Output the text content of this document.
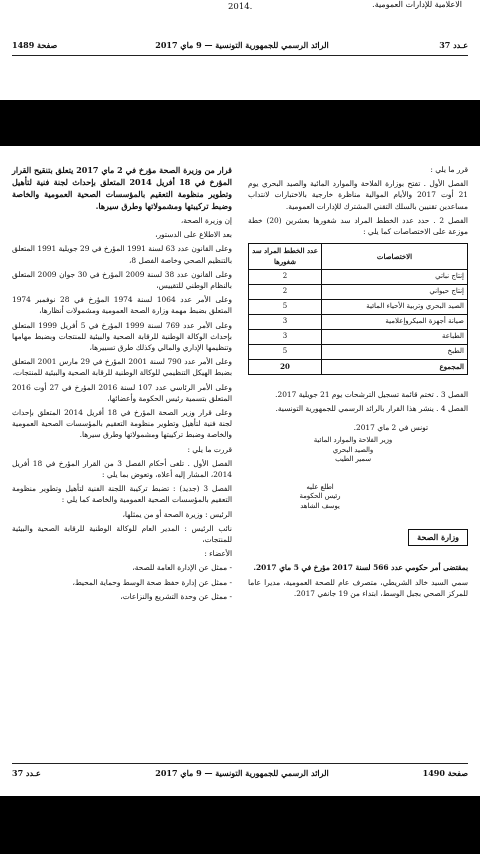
الاعلامية للإدارات العمومية.
2014.
عـدد 37
الرائد الرسمي للجمهورية التونسية — 9 ماي 2017
صفحة 1489

قرر ما يلي :

الفصل الأول . تفتح بوزارة الفلاحة والموارد المائية والصيد البحري يوم 21 أوت 2017 والأيام الموالية مناظرة خارجية بالاختبارات لانتداب مساعدين تقنيين بالسلك التقني المشترك للإدارات العمومية.

الفصل 2 . حدد عدد الخطط المراد سد شغورها بعشرين (20) خطة موزعة على الاختصاصات كما يلي :

الاختصاصات	عدد الخطط المراد سد شغورها
إنتاج نباتي	2
إنتاج حيواني	2
الصيد البحري وتربية الأحياء المائية	5
صيانة أجهزة الميكروإعلامية	3
الطباعة	3
الطبخ	5
المجموع	20

الفصل 3 . تختم قائمة تسجيل الترشحات يوم 21 جويلية 2017.

الفصل 4 . ينشر هذا القرار بالرائد الرسمي للجمهورية التونسية.

تونس في 2 ماي 2017.

وزير الفلاحة والموارد المائية
والصيد البحري
سمير الطيب
اطلع عليه
رئيس الحكومة
يوسف الشاهد
وزارة الصحة

بمقتضى أمر حكومي عدد 566 لسنة 2017 مؤرخ في 5 ماي 2017.

سمي السيد خالد الشريطي، متصرف عام للصحة العمومية، مديرا عاما للمركز الصحي بجبل الوسط، ابتداء من 19 جانفي 2017.

قرار من وزيرة الصحة مؤرخ في 2 ماي 2017 يتعلق بتنقيح القرار المؤرخ في 18 أفريل 2014 المتعلق بإحداث لجنة فنية لتأهيل وتطوير منظومة التعقيم بالمؤسسات الصحية العمومية والخاصة وضبط تركيبتها ومشمولاتها وطرق سيرها.

إن وزيرة الصحة،

بعد الاطلاع على الدستور،

وعلى القانون عدد 63 لسنة 1991 المؤرخ في 29 جويلية 1991 المتعلق بالتنظيم الصحي وخاصة الفصل 8،

وعلى القانون عدد 38 لسنة 2009 المؤرخ في 30 جوان 2009 المتعلق بالنظام الوطني للتقييس،

وعلى الأمر عدد 1064 لسنة 1974 المؤرخ في 28 نوفمبر 1974 المتعلق بضبط مهمة وزارة الصحة العمومية ومشمولات أنظارها،

وعلى الأمر عدد 769 لسنة 1999 المؤرخ في 5 أفريل 1999 المتعلق بإحداث الوكالة الوطنية للرقابة الصحية والبيئية للمنتجات وبضبط مهامها وتنظيمها الإداري والمالي وكذلك طرق تسييرها،

وعلى الأمر عدد 790 لسنة 2001 المؤرخ في 29 مارس 2001 المتعلق بضبط الهيكل التنظيمي للوكالة الوطنية للرقابة الصحية والبيئية للمنتجات،

وعلى الأمر الرئاسي عدد 107 لسنة 2016 المؤرخ في 27 أوت 2016 المتعلق بتسمية رئيس الحكومة وأعضائها،

وعلى قرار وزير الصحة المؤرخ في 18 أفريل 2014 المتعلق بإحداث لجنة فنية لتأهيل وتطوير منظومة التعقيم بالمؤسسات الصحية العمومية والخاصة وضبط تركيبتها ومشمولاتها وطرق سيرها.

قررت ما يلي :

الفصل الأول . تلغى أحكام الفصل 3 من القرار المؤرخ في 18 أفريل 2014، المشار إليه أعلاه، وتعوض بما يلي :

الفصل 3 (جديد) : تضبط تركيبة اللجنة الفنية لتأهيل وتطوير منظومة التعقيم بالمؤسسات الصحية العمومية والخاصة كما يلي :

الرئيس : وزيرة الصحة أو من يمثلها،

نائب الرئيس : المدير العام للوكالة الوطنية للرقابة الصحية والبيئية للمنتجات،

الأعضاء :

- ممثل عن الإدارة العامة للصحة،

- ممثل عن إدارة حفظ صحة الوسط وحماية المحيط،

- ممثل عن وحدة التشريع والنزاعات،

صفحة 1490
الرائد الرسمي للجمهورية التونسية — 9 ماي 2017
عـدد 37
